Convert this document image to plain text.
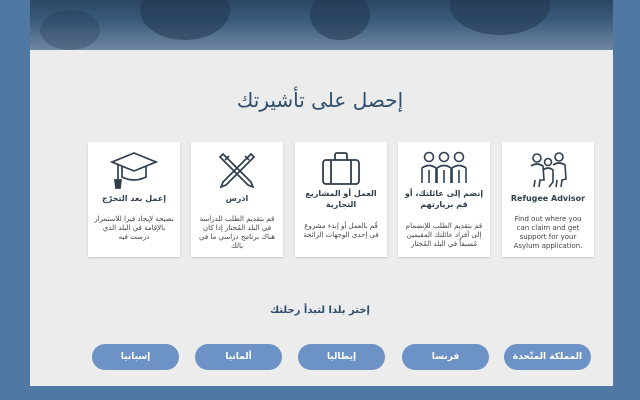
إحصل على تأشيرتك
Refugee Advisor
Find out where you can claim and get support for your Asylum application.
إنضم إلى عائلتك، أو قم بزيارتهم
قم بتقديم الطلب للإنضمام إلى أفراد عائلتك المقيمين مُسبقاً في البلد المُختار
العمل أو المشاريع التجارية
قُم بالعمل أو إبدء مشروع في إحدى الوجهات الرائجة
ادرس
قم بتقديم الطلب للدراسة في البلد المُختار إذا كان هناك برنامج دراسي ما في بالك
إعمل بعد التخرّج
نصيحة لإيجاد فيزا للاستمرار بالإقامة في البلد الذي درست فيه
إختر بلدا لتبدأ رحلتك
المملكة المتّحدة
فرنسا
إيطاليا
ألمانيا
إسبانيا
